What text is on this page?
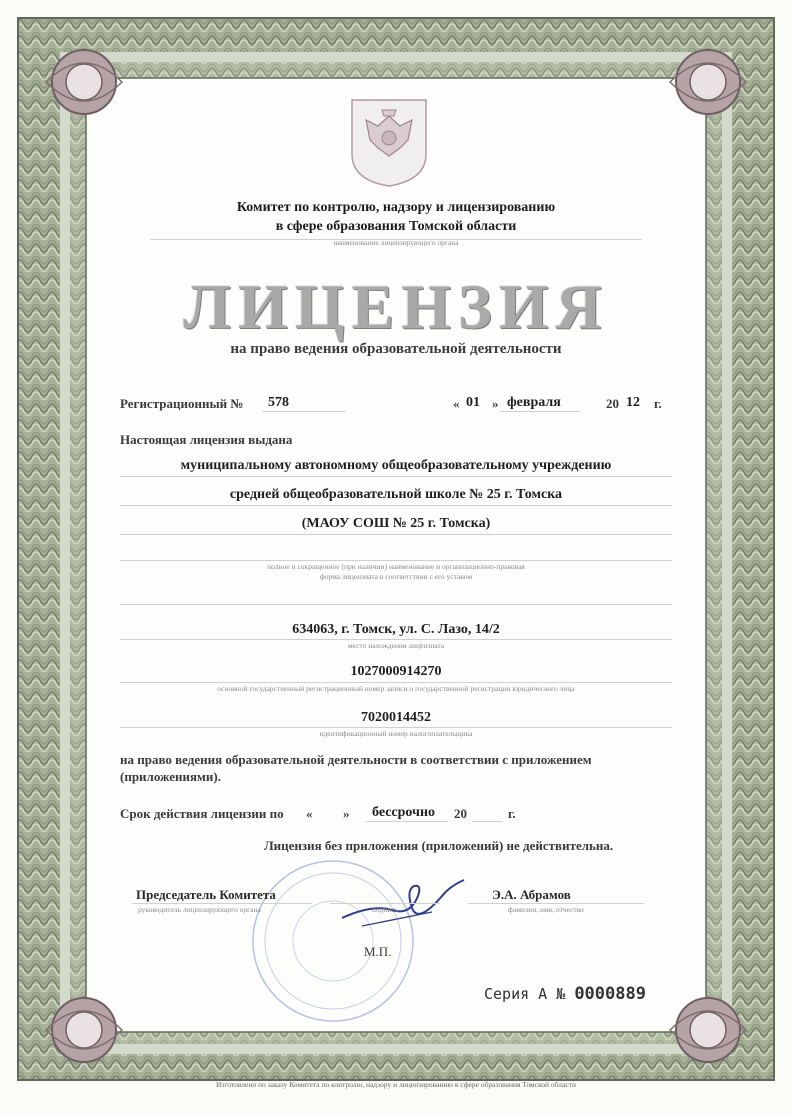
Комитет по контролю, надзору и лицензированию
в сфере образования Томской области
наименование лицензирующего органа
ЛИЦЕНЗИЯ
на право ведения образовательной деятельности
Регистрационный № 578	« 01 » февраля	20 12 г.
Настоящая лицензия выдана
муниципальному автономному общеобразовательному учреждению
средней общеобразовательной школе № 25 г. Томска
(МАОУ СОШ № 25 г. Томска)
полное и сокращенное (при наличии) наименование и организационно-правовая
форма лицензиата в соответствии с его уставом
634063, г. Томск, ул. С. Лазо, 14/2
место нахождения лицензиата
1027000914270
основной государственный регистрационный номер записи о государственной регистрации юридического лица
7020014452
идентификационный номер налогоплательщика
на право ведения образовательной деятельности в соответствии с приложением
(приложениями).
Срок действия лицензии по « » бессрочно 20	г.
Лицензия без приложения (приложений) не действительна.
Председатель Комитета
руководитель лицензирующего органа	подпись
Э.А. Абрамов
фамилия, имя, отчество
М.П.
Серия А № 0000889
Изготовлено по заказу Комитета по контролю, надзору и лицензированию в сфере образования Томской области
